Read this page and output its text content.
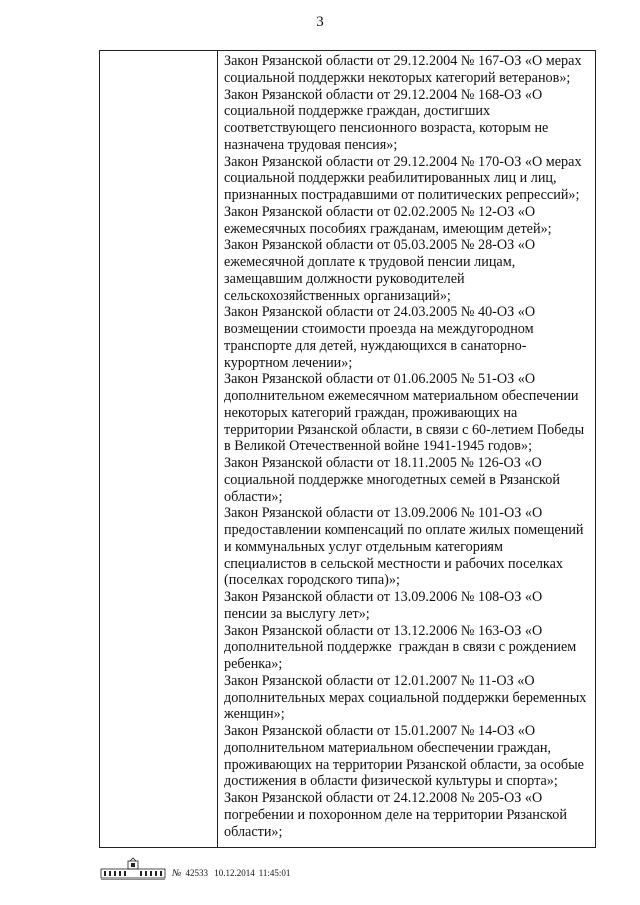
3
Закон Рязанской области от 29.12.2004 № 167-ОЗ «О мерах
социальной поддержки некоторых категорий ветеранов»;
Закон Рязанской области от 29.12.2004 № 168-ОЗ «О
социальной поддержке граждан, достигших
соответствующего пенсионного возраста, которым не
назначена трудовая пенсия»;
Закон Рязанской области от 29.12.2004 № 170-ОЗ «О мерах
социальной поддержки реабилитированных лиц и лиц,
признанных пострадавшими от политических репрессий»;
Закон Рязанской области от 02.02.2005 № 12-ОЗ «О
ежемесячных пособиях гражданам, имеющим детей»;
Закон Рязанской области от 05.03.2005 № 28-ОЗ «О
ежемесячной доплате к трудовой пенсии лицам,
замещавшим должности руководителей
сельскохозяйственных организаций»;
Закон Рязанской области от 24.03.2005 № 40-ОЗ «О
возмещении стоимости проезда на междугородном
транспорте для детей, нуждающихся в санаторно-
курортном лечении»;
Закон Рязанской области от 01.06.2005 № 51-ОЗ «О
дополнительном ежемесячном материальном обеспечении
некоторых категорий граждан, проживающих на
территории Рязанской области, в связи с 60-летием Победы
в Великой Отечественной войне 1941-1945 годов»;
Закон Рязанской области от 18.11.2005 № 126-ОЗ «О
социальной поддержке многодетных семей в Рязанской
области»;
Закон Рязанской области от 13.09.2006 № 101-ОЗ «О
предоставлении компенсаций по оплате жилых помещений
и коммунальных услуг отдельным категориям
специалистов в сельской местности и рабочих поселках
(поселках городского типа)»;
Закон Рязанской области от 13.09.2006 № 108-ОЗ «О
пенсии за выслугу лет»;
Закон Рязанской области от 13.12.2006 № 163-ОЗ «О
дополнительной поддержке  граждан в связи с рождением
ребенка»;
Закон Рязанской области от 12.01.2007 № 11-ОЗ «О
дополнительных мерах социальной поддержки беременных
женщин»;
Закон Рязанской области от 15.01.2007 № 14-ОЗ «О
дополнительном материальном обеспечении граждан,
проживающих на территории Рязанской области, за особые
достижения в области физической культуры и спорта»;
Закон Рязанской области от 24.12.2008 № 205-ОЗ «О
погребении и похоронном деле на территории Рязанской
области»;
№ 42533 10.12.2014 11:45:01
